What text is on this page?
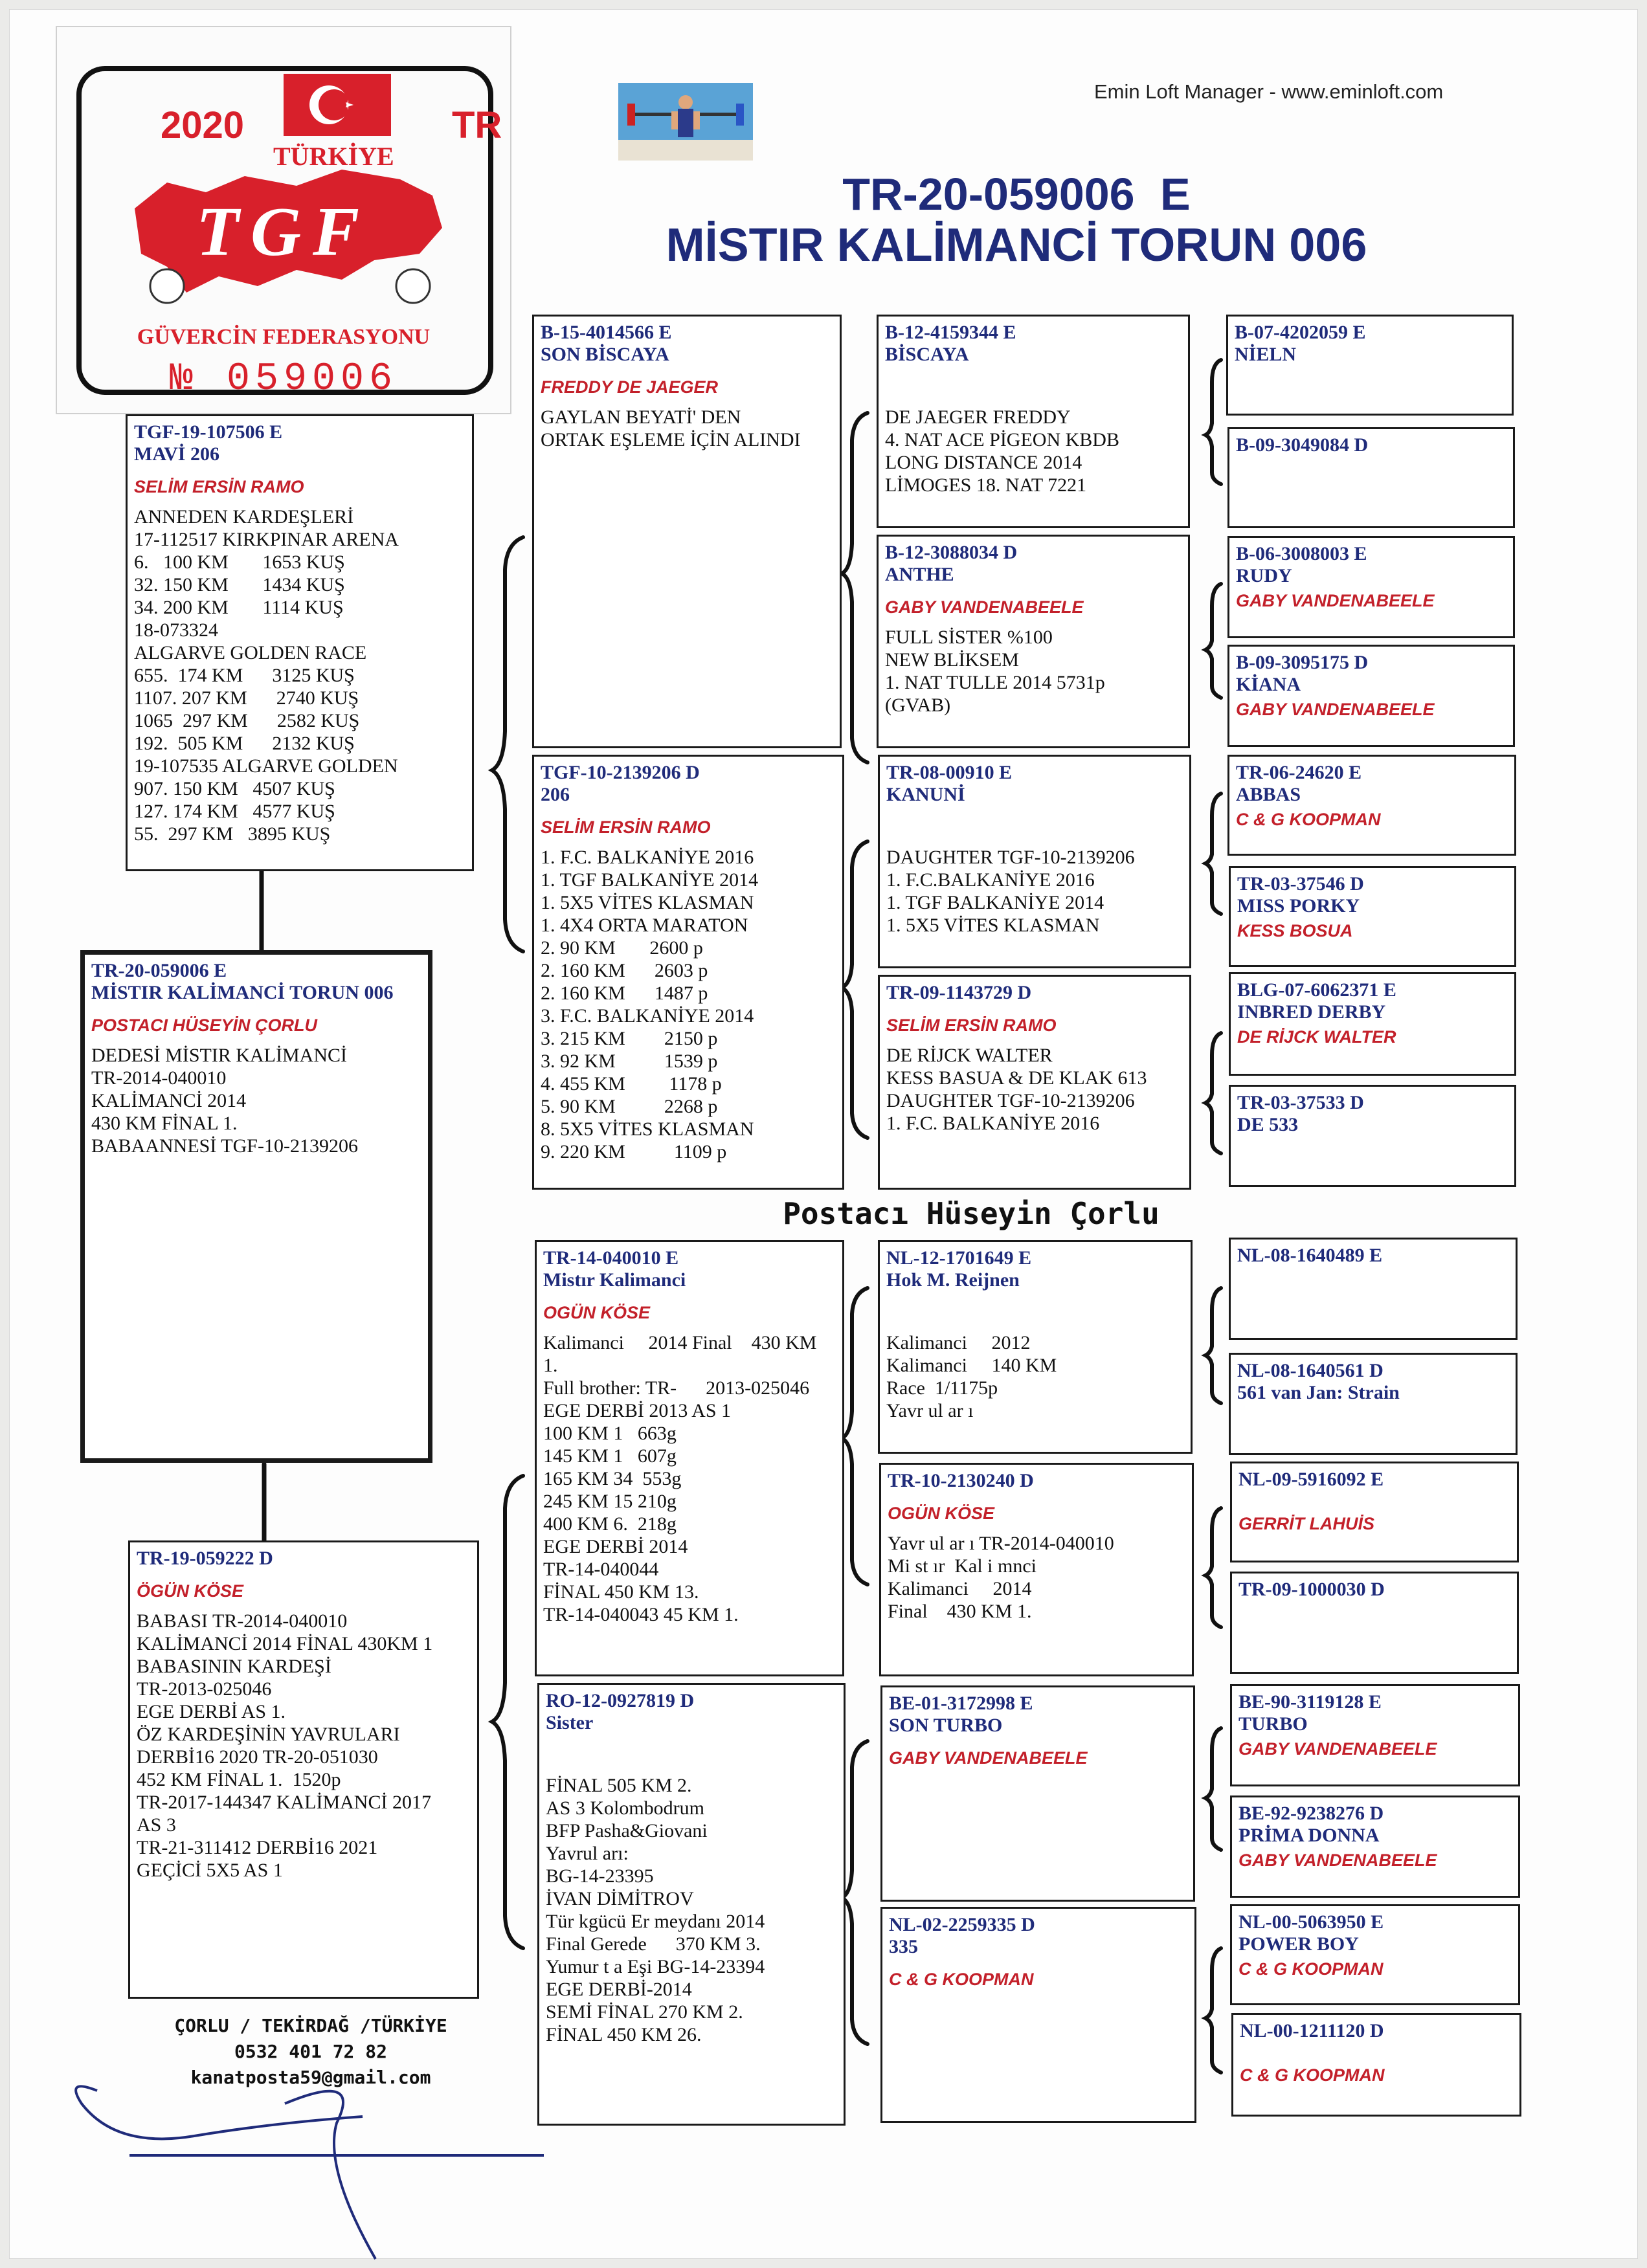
2020	TR
TÜRKİYE
TGF
GÜVERCİN FEDERASYONU
№ 059006
Emin Loft Manager - www.eminloft.com
TR-20-059006 E
MİSTIR KALİMANCİ TORUN 006
Postacı Hüseyin Çorlu
ÇORLU / TEKİRDAĞ /TÜRKİYE
0532 401 72 82
kanatposta59@gmail.com
TR-20-059006 E
MİSTIR KALİMANCİ TORUN 006
POSTACI HÜSEYİN ÇORLU
DEDESİ MİSTIR KALİMANCİ
TR-2014-040010
KALİMANCİ 2014
430 KM FİNAL 1.
BABAANNESİ TGF-10-2139206
TGF-19-107506 E
MAVİ 206
SELİM ERSİN RAMO
ANNEDEN KARDEŞLERİ
17-112517 KIRKPINAR ARENA
6.   100 KM       1653 KUŞ
32. 150 KM       1434 KUŞ
34. 200 KM       1114 KUŞ
18-073324
ALGARVE GOLDEN RACE
655.  174 KM      3125 KUŞ
1107. 207 KM      2740 KUŞ
1065  297 KM      2582 KUŞ
192.  505 KM      2132 KUŞ
19-107535 ALGARVE GOLDEN
907. 150 KM   4507 KUŞ
127. 174 KM   4577 KUŞ
55.  297 KM   3895 KUŞ
TR-19-059222 D
ÖGÜN KÖSE
BABASI TR-2014-040010
KALİMANCİ 2014 FİNAL 430KM 1
BABASININ KARDEŞİ
TR-2013-025046
EGE DERBİ AS 1.
ÖZ KARDEŞİNİN YAVRULARI
DERBİ16 2020 TR-20-051030
452 KM FİNAL 1.  1520p
TR-2017-144347 KALİMANCİ 2017
AS 3
TR-21-311412 DERBİ16 2021
GEÇİCİ 5X5 AS 1
B-15-4014566 E
SON BİSCAYA
FREDDY DE JAEGER
GAYLAN BEYATİ' DEN
ORTAK EŞLEME İÇİN ALINDI
TGF-10-2139206 D
206
SELİM ERSİN RAMO
1. F.C. BALKANİYE 2016
1. TGF BALKANİYE 2014
1. 5X5 VİTES KLASMAN
1. 4X4 ORTA MARATON
2. 90 KM       2600 p
2. 160 KM      2603 p
2. 160 KM      1487 p
3. F.C. BALKANİYE 2014
3. 215 KM        2150 p
3. 92 KM          1539 p
4. 455 KM         1178 p
5. 90 KM          2268 p
8. 5X5 VİTES KLASMAN
9. 220 KM          1109 p
TR-14-040010 E
Mistır Kalimanci
OGÜN KÖSE
Kalimanci     2014 Final    430 KM
1.
Full brother: TR-      2013-025046
EGE DERBİ 2013 AS 1
100 KM 1   663g
145 KM 1   607g
165 KM 34  553g
245 KM 15 210g
400 KM 6.  218g
EGE DERBİ 2014
TR-14-040044
FİNAL 450 KM 13.
TR-14-040043 45 KM 1.
RO-12-0927819 D
Sister
FİNAL 505 KM 2.
AS 3 Kolombodrum
BFP Pasha&Giovani
Yavrul arı:
BG-14-23395
İVAN DİMİTROV
Tür kgücü Er meydanı 2014
Final Gerede      370 KM 3.
Yumur t a Eşi BG-14-23394
EGE DERBİ-2014
SEMİ FİNAL 270 KM 2.
FİNAL 450 KM 26.
B-12-4159344 E
BİSCAYA
DE JAEGER FREDDY
4. NAT ACE PİGEON KBDB
LONG DISTANCE 2014
LİMOGES 18. NAT 7221
B-12-3088034 D
ANTHE
GABY VANDENABEELE
FULL SİSTER %100
NEW BLİKSEM
1. NAT TULLE 2014 5731p
(GVAB)
TR-08-00910 E
KANUNİ
DAUGHTER TGF-10-2139206
1. F.C.BALKANİYE 2016
1. TGF BALKANİYE 2014
1. 5X5 VİTES KLASMAN
TR-09-1143729 D
SELİM ERSİN RAMO
DE RİJCK WALTER
KESS BASUA & DE KLAK 613
DAUGHTER TGF-10-2139206
1. F.C. BALKANİYE 2016
NL-12-1701649 E
Hok M. Reijnen
Kalimanci     2012
Kalimanci     140 KM
Race  1/1175p
Yavr ul ar ı
TR-10-2130240 D
OGÜN KÖSE
Yavr ul ar ı TR-2014-040010
Mi st ır  Kal i mnci
Kalimanci     2014
Final    430 KM 1.
BE-01-3172998 E
SON TURBO
GABY VANDENABEELE
NL-02-2259335 D
335
C & G KOOPMAN
B-07-4202059 E
NİELN
B-09-3049084 D
B-06-3008003 E
RUDY
GABY VANDENABEELE
B-09-3095175 D
KİANA
GABY VANDENABEELE
TR-06-24620 E
ABBAS
C & G KOOPMAN
TR-03-37546 D
MISS PORKY
KESS BOSUA
BLG-07-6062371 E
INBRED DERBY
DE RİJCK WALTER
TR-03-37533 D
DE 533
NL-08-1640489 E
NL-08-1640561 D
561 van Jan: Strain
NL-09-5916092 E
GERRİT LAHUİS
TR-09-1000030 D
BE-90-3119128 E
TURBO
GABY VANDENABEELE
BE-92-9238276 D
PRİMA DONNA
GABY VANDENABEELE
NL-00-5063950 E
POWER BOY
C & G KOOPMAN
NL-00-1211120 D
C & G KOOPMAN
